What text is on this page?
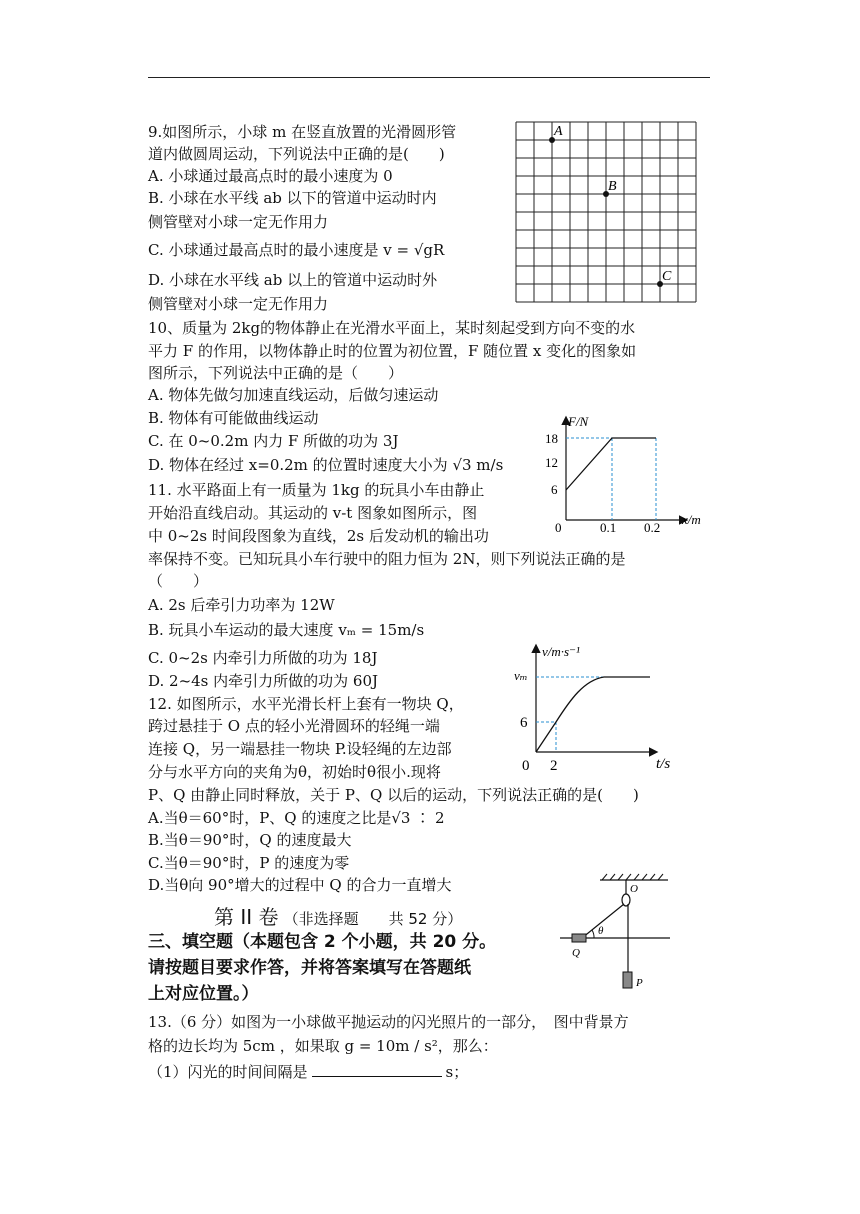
9.如图所示，小球 m 在竖直放置的光滑圆形管
道内做圆周运动，下列说法中正确的是(　　)
A. 小球通过最高点时的最小速度为 0
B. 小球在水平线 ab 以下的管道中运动时内
侧管壁对小球一定无作用力
C. 小球通过最高点时的最小速度是 v = √gR
D. 小球在水平线 ab 以上的管道中运动时外
侧管壁对小球一定无作用力
A
B
C
10、质量为 2kg的物体静止在光滑水平面上，某时刻起受到方向不变的水
平力 F 的作用，以物体静止时的位置为初位置，F 随位置 x 变化的图象如
图所示，下列说法中正确的是（　　）
A. 物体先做匀加速直线运动，后做匀速运动
B. 物体有可能做曲线运动
C. 在 0~0.2m 内力 F 所做的功为 3J
D. 物体在经过 x=0.2m 的位置时速度大小为 √3 m/s
F/N
x/m
18
12
6
0	0.1 0.2
11. 水平路面上有一质量为 1kg 的玩具小车由静止
开始沿直线启动。其运动的 v-t 图象如图所示，图
中 0~2s 时间段图象为直线，2s 后发动机的输出功
率保持不变。已知玩具小车行驶中的阻力恒为 2N，则下列说法正确的是
（　　）
A. 2s 后牵引力功率为 12W
B. 玩具小车运动的最大速度 vₘ = 15m/s
C. 0~2s 内牵引力所做的功为 18J
D. 2~4s 内牵引力所做的功为 60J
v/m·s⁻¹
vₘ
6
0 2	t/s
12. 如图所示，水平光滑长杆上套有一物块 Q，
跨过悬挂于 O 点的轻小光滑圆环的轻绳一端
连接 Q，另一端悬挂一物块 P.设轻绳的左边部
分与水平方向的夹角为θ，初始时θ很小.现将
P、Q 由静止同时释放，关于 P、Q 以后的运动，下列说法正确的是(　　)
A.当θ＝60°时，P、Q 的速度之比是√3 ∶ 2
B.当θ＝90°时，Q 的速度最大
C.当θ＝90°时，P 的速度为零
D.当θ向 90°增大的过程中 Q 的合力一直增大	O
θ
Q
P
第 II 卷 （非选择题　　共 52 分）
三、填空题（本题包含 2 个小题，共 20 分。
请按题目要求作答，并将答案填写在答题纸
上对应位置。）
13.（6 分）如图为一小球做平抛运动的闪光照片的一部分，　图中背景方
格的边长均为 5cm ，如果取 g = 10m / s²，那么：
（1）闪光的时间间隔是	s；
